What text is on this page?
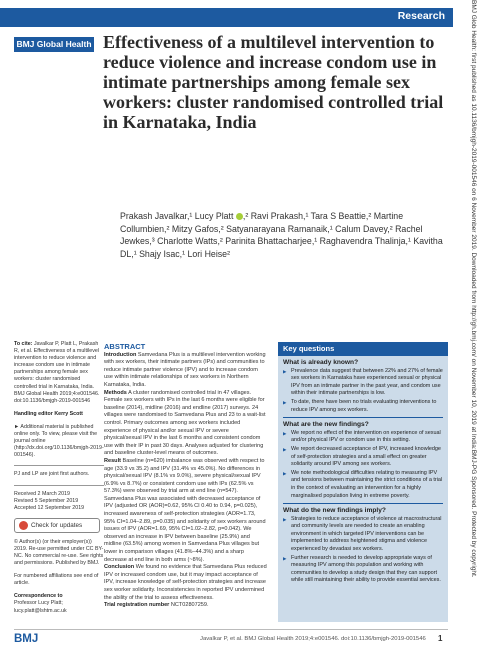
Research
BMJ Global Health Effectiveness of a multilevel intervention to reduce violence and increase condom use in intimate partnerships among female sex workers: cluster randomised controlled trial in Karnataka, India
Prakash Javalkar,¹ Lucy Platt ,² Ravi Prakash,¹ Tara S Beattie,² Martine Collumbien,² Mitzy Gafos,² Satyanarayana Ramanaik,¹ Calum Davey,² Rachel Jewkes,³ Charlotte Watts,² Parinita Bhattacharjee,¹ Raghavendra Thalinja,¹ Kavitha DL,¹ Shajy Isac,¹ Lori Heise²
To cite: Javalkar P, Platt L, Prakash R, et al. Effectiveness of a multilevel intervention to reduce violence and increase condom use in intimate partnerships among female sex workers: cluster randomised controlled trial in Karnataka, India. BMJ Global Health 2019;4:e001546. doi:10.1136/bmjgh-2019-001546
Handling editor Kerry Scott
► Additional material is published online only. To view, please visit the journal online (http://dx.doi.org/10.1136/bmjgh-2019-001546).
PJ and LP are joint first authors.
Received 2 March 2019
Revised 5 September 2019
Accepted 12 September 2019
Check for updates
© Author(s) (or their employer(s)) 2019. Re-use permitted under CC BY-NC. No commercial re-use. See rights and permissions. Published by BMJ.
For numbered affiliations see end of article.
Correspondence to
Professor Lucy Platt;
lucy.platt@lshtm.ac.uk
ABSTRACT

Introduction Samvedana Plus is a multilevel intervention working with sex workers, their intimate partners (IPs) and communities to reduce intimate partner violence (IPV) and to increase condom use within intimate relationships of sex workers in Northern Karnataka, India.

Methods A cluster randomised controlled trial in 47 villages. Female sex workers with IPs in the last 6 months were eligible for baseline (2014), midline (2016) and endline (2017) surveys. 24 villages were randomised to Samvedana Plus and 23 to a wait-list control. Primary outcomes among sex workers included experience of physical and/or sexual IPV or severe physical/sexual IPV in the last 6 months and consistent condom use with their IP in past 30 days. Analyses adjusted for clustering and baseline cluster-level means of outcomes.

Result Baseline (n=620) imbalance was observed with respect to age (33.9 vs 35.2) and IPV (31.4% vs 45.0%). No differences in physical/sexual IPV (8.1% vs 9.0%), severe physical/sexual IPV (6.9% vs 8.7%) or consistent condom use with IPs (62.5% vs 57.3%) were observed by trial arm at end line (n=547). Samvedana Plus was associated with decreased acceptance of IPV (adjusted OR (AOR)=0.62, 95% CI 0.40 to 0.94, p=0.025), increased awareness of self-protection strategies (AOR=1.73, 95% CI=1.04–2.89, p=0.035) and solidarity of sex workers around issues of IPV (AOR=1.69, 95% CI=1.02–2.82, p=0.042). We observed an increase in IPV between baseline (25.9%) and midline (63.5%) among women in Samvedana Plus villages but lower in comparison villages (41.8%–44.3%) and a sharp decrease at end line in both arms (~8%).

Conclusion We found no evidence that Samvedana Plus reduced IPV or increased condom use, but it may impact acceptance of IPV, increase knowledge of self-protection strategies and increase sex worker solidarity. Inconsistencies in reported IPV undermined the ability of the trial to assess effectiveness.

Trial registration number NCT02807259.

Key questions
What is already known?
▶ Prevalence data suggest that between 22% and 27% of female sex workers in Karnataka have experienced sexual or physical IPV from an intimate partner in the past year, and condom use within their intimate partnerships is low.
▶ To date, there have been no trials evaluating interventions to reduce IPV among sex workers.
What are the new findings?
▶ We report no effect of the intervention on experience of sexual and/or physical IPV or condom use in this setting.
▶ We report decreased acceptance of IPV, increased knowledge of self-protection strategies and a small effect on greater solidarity around IPV among sex workers.
▶ We note methodological difficulties relating to measuring IPV and tensions between maintaining the strict conditions of a trial in the context of evaluating an intervention for a highly marginalised population living in extreme poverty.
What do the new findings imply?
▶ Strategies to reduce acceptance of violence at macrostructural and community levels are needed to create an enabling environment in which targeted IPV interventions can be implemented to address heightened stigma and violence experienced by devadasi sex workers.
▶ Further research is needed to develop appropriate ways of measuring IPV among this population and working with communities to develop a study design that they can support while still maintaining their ability to provide essential services.
BMJ Glob Health: first published as 10.1136/bmjgh-2019-001546 on 6 November 2019. Downloaded from http://gh.bmj.com/ on November 10, 2019 at India:BMJ-PG Sponsored. Protected by copyright.
BMJ	Javalkar P, et al. BMJ Global Health 2019;4:e001546. doi:10.1136/bmjgh-2019-001546 1
